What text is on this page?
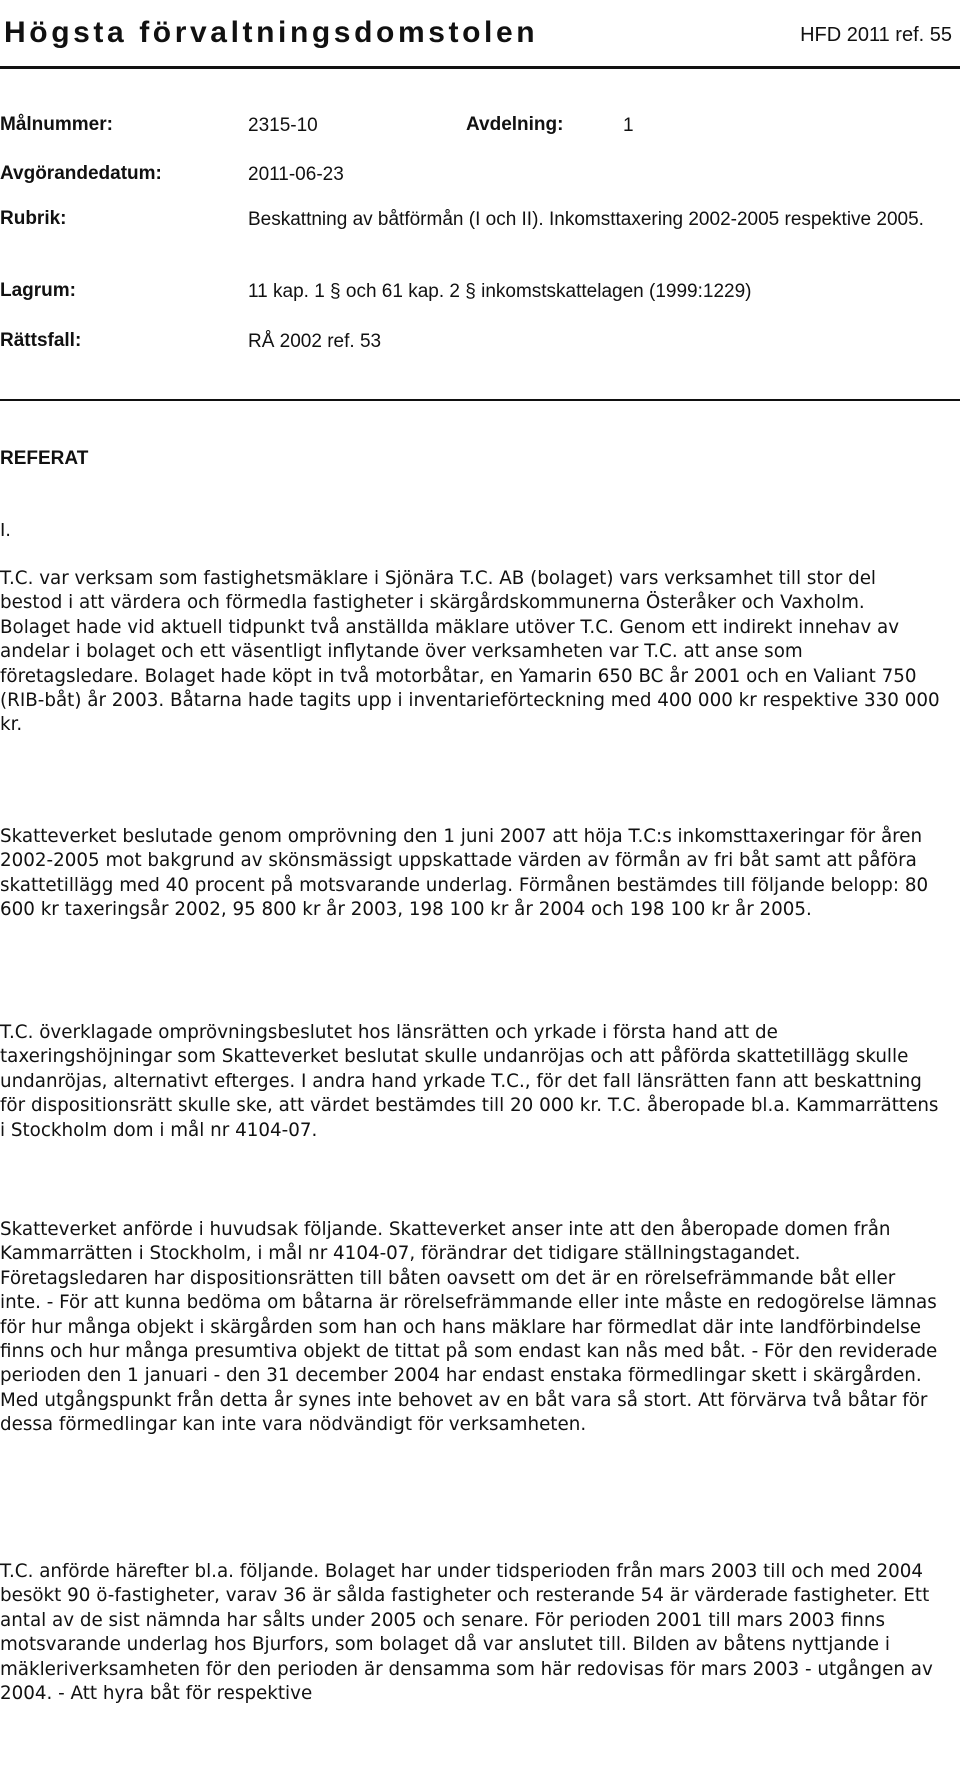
Högsta förvaltningsdomstolen	HFD 2011 ref. 55
Målnummer:	2315-10	Avdelning:	1
Avgörandedatum:	2011-06-23
Rubrik:	Beskattning av båtförmån (I och II). Inkomsttaxering 2002-2005 respektive 2005.
Lagrum:	11 kap. 1 § och 61 kap. 2 § inkomstskattelagen (1999:1229)
Rättsfall:	RÅ 2002 ref. 53
REFERAT
I.

T.C. var verksam som fastighetsmäklare i Sjönära T.C. AB (bolaget) vars verksamhet till stor del bestod i att värdera och förmedla fastigheter i skärgårdskommunerna Österåker och Vaxholm. Bolaget hade vid aktuell tidpunkt två anställda mäklare utöver T.C. Genom ett indirekt innehav av andelar i bolaget och ett väsentligt inflytande över verksamheten var T.C. att anse som företagsledare. Bolaget hade köpt in två motorbåtar, en Yamarin 650 BC år 2001 och en Valiant 750 (RIB-båt) år 2003. Båtarna hade tagits upp i inventarieförteckning med 400 000 kr respektive 330 000 kr.

Skatteverket beslutade genom omprövning den 1 juni 2007 att höja T.C:s inkomsttaxeringar för åren 2002-2005 mot bakgrund av skönsmässigt uppskattade värden av förmån av fri båt samt att påföra skattetillägg med 40 procent på motsvarande underlag. Förmånen bestämdes till följande belopp: 80 600 kr taxeringsår 2002, 95 800 kr år 2003, 198 100 kr år 2004 och 198 100 kr år 2005.

T.C. överklagade omprövningsbeslutet hos länsrätten och yrkade i första hand att de taxeringshöjningar som Skatteverket beslutat skulle undanröjas och att påförda skattetillägg skulle undanröjas, alternativt efterges. I andra hand yrkade T.C., för det fall länsrätten fann att beskattning för dispositionsrätt skulle ske, att värdet bestämdes till 20 000 kr. T.C. åberopade bl.a. Kammarrättens i Stockholm dom i mål nr 4104-07.

Skatteverket anförde i huvudsak följande. Skatteverket anser inte att den åberopade domen från Kammarrätten i Stockholm, i mål nr 4104-07, förändrar det tidigare ställningstagandet. Företagsledaren har dispositionsrätten till båten oavsett om det är en rörelsefrämmande båt eller inte. - För att kunna bedöma om båtarna är rörelsefrämmande eller inte måste en redogörelse lämnas för hur många objekt i skärgården som han och hans mäklare har förmedlat där inte landförbindelse finns och hur många presumtiva objekt de tittat på som endast kan nås med båt. - För den reviderade perioden den 1 januari - den 31 december 2004 har endast enstaka förmedlingar skett i skärgården. Med utgångspunkt från detta år synes inte behovet av en båt vara så stort. Att förvärva två båtar för dessa förmedlingar kan inte vara nödvändigt för verksamheten.

T.C. anförde härefter bl.a. följande. Bolaget har under tidsperioden från mars 2003 till och med 2004 besökt 90 ö-fastigheter, varav 36 är sålda fastigheter och resterande 54 är värderade fastigheter. Ett antal av de sist nämnda har sålts under 2005 och senare. För perioden 2001 till mars 2003 finns motsvarande underlag hos Bjurfors, som bolaget då var anslutet till. Bilden av båtens nyttjande i mäkleriverksamheten för den perioden är densamma som här redovisas för mars 2003 - utgången av 2004. - Att hyra båt för respektive
